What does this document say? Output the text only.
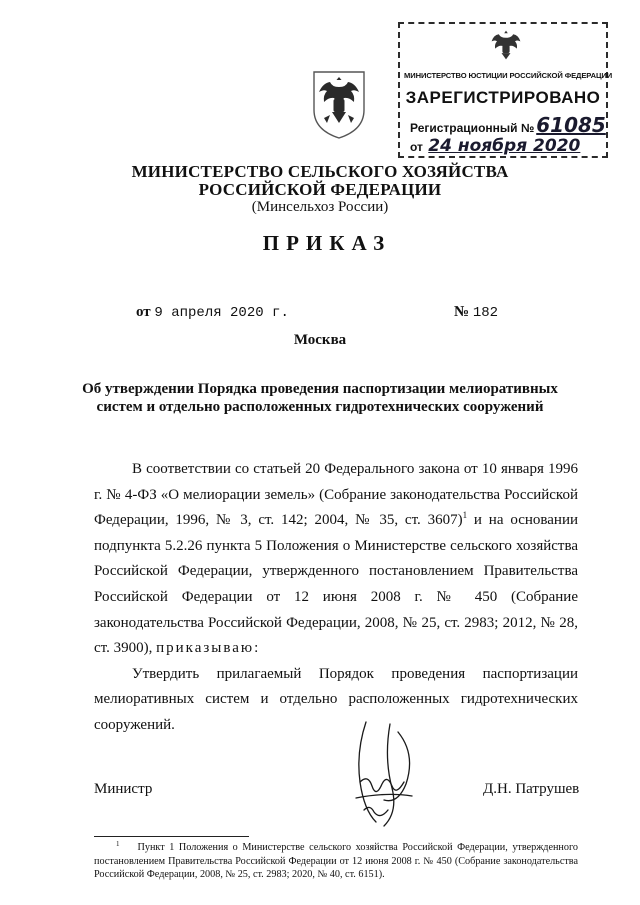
МИНИСТЕРСТВО ЮСТИЦИИ РОССИЙСКОЙ ФЕДЕРАЦИИ
ЗАРЕГИСТРИРОВАНО
Регистрационный № 61085
от 24 ноября 2020
МИНИСТЕРСТВО СЕЛЬСКОГО ХОЗЯЙСТВА
РОССИЙСКОЙ ФЕДЕРАЦИИ
(Минсельхоз России)
ПРИКАЗ
от 9 апреля 2020 г.	№ 182
Москва
Об утверждении Порядка проведения паспортизации мелиоративных систем и отдельно расположенных гидротехнических сооружений

В соответствии со статьей 20 Федерального закона от 10 января 1996 г. № 4-ФЗ «О мелиорации земель» (Собрание законодательства Российской Федерации, 1996, № 3, ст. 142; 2004, № 35, ст. 3607)$^1$ и на основании подпункта 5.2.26 пункта 5 Положения о Министерстве сельского хозяйства Российской Федерации, утвержденного постановлением Правительства Российской Федерации от 12 июня 2008 г. № 450 (Собрание законодательства Российской Федерации, 2008, № 25, ст. 2983; 2012, № 28, ст. 3900), приказываю:

Утвердить прилагаемый Порядок проведения паспортизации мелиоративных систем и отдельно расположенных гидротехнических сооружений.

Министр	Д.Н. Патрушев

$^1$ Пункт 1 Положения о Министерстве сельского хозяйства Российской Федерации, утвержденного постановлением Правительства Российской Федерации от 12 июня 2008 г. № 450 (Собрание законодательства Российской Федерации, 2008, № 25, ст. 2983; 2020, № 40, ст. 6151).
